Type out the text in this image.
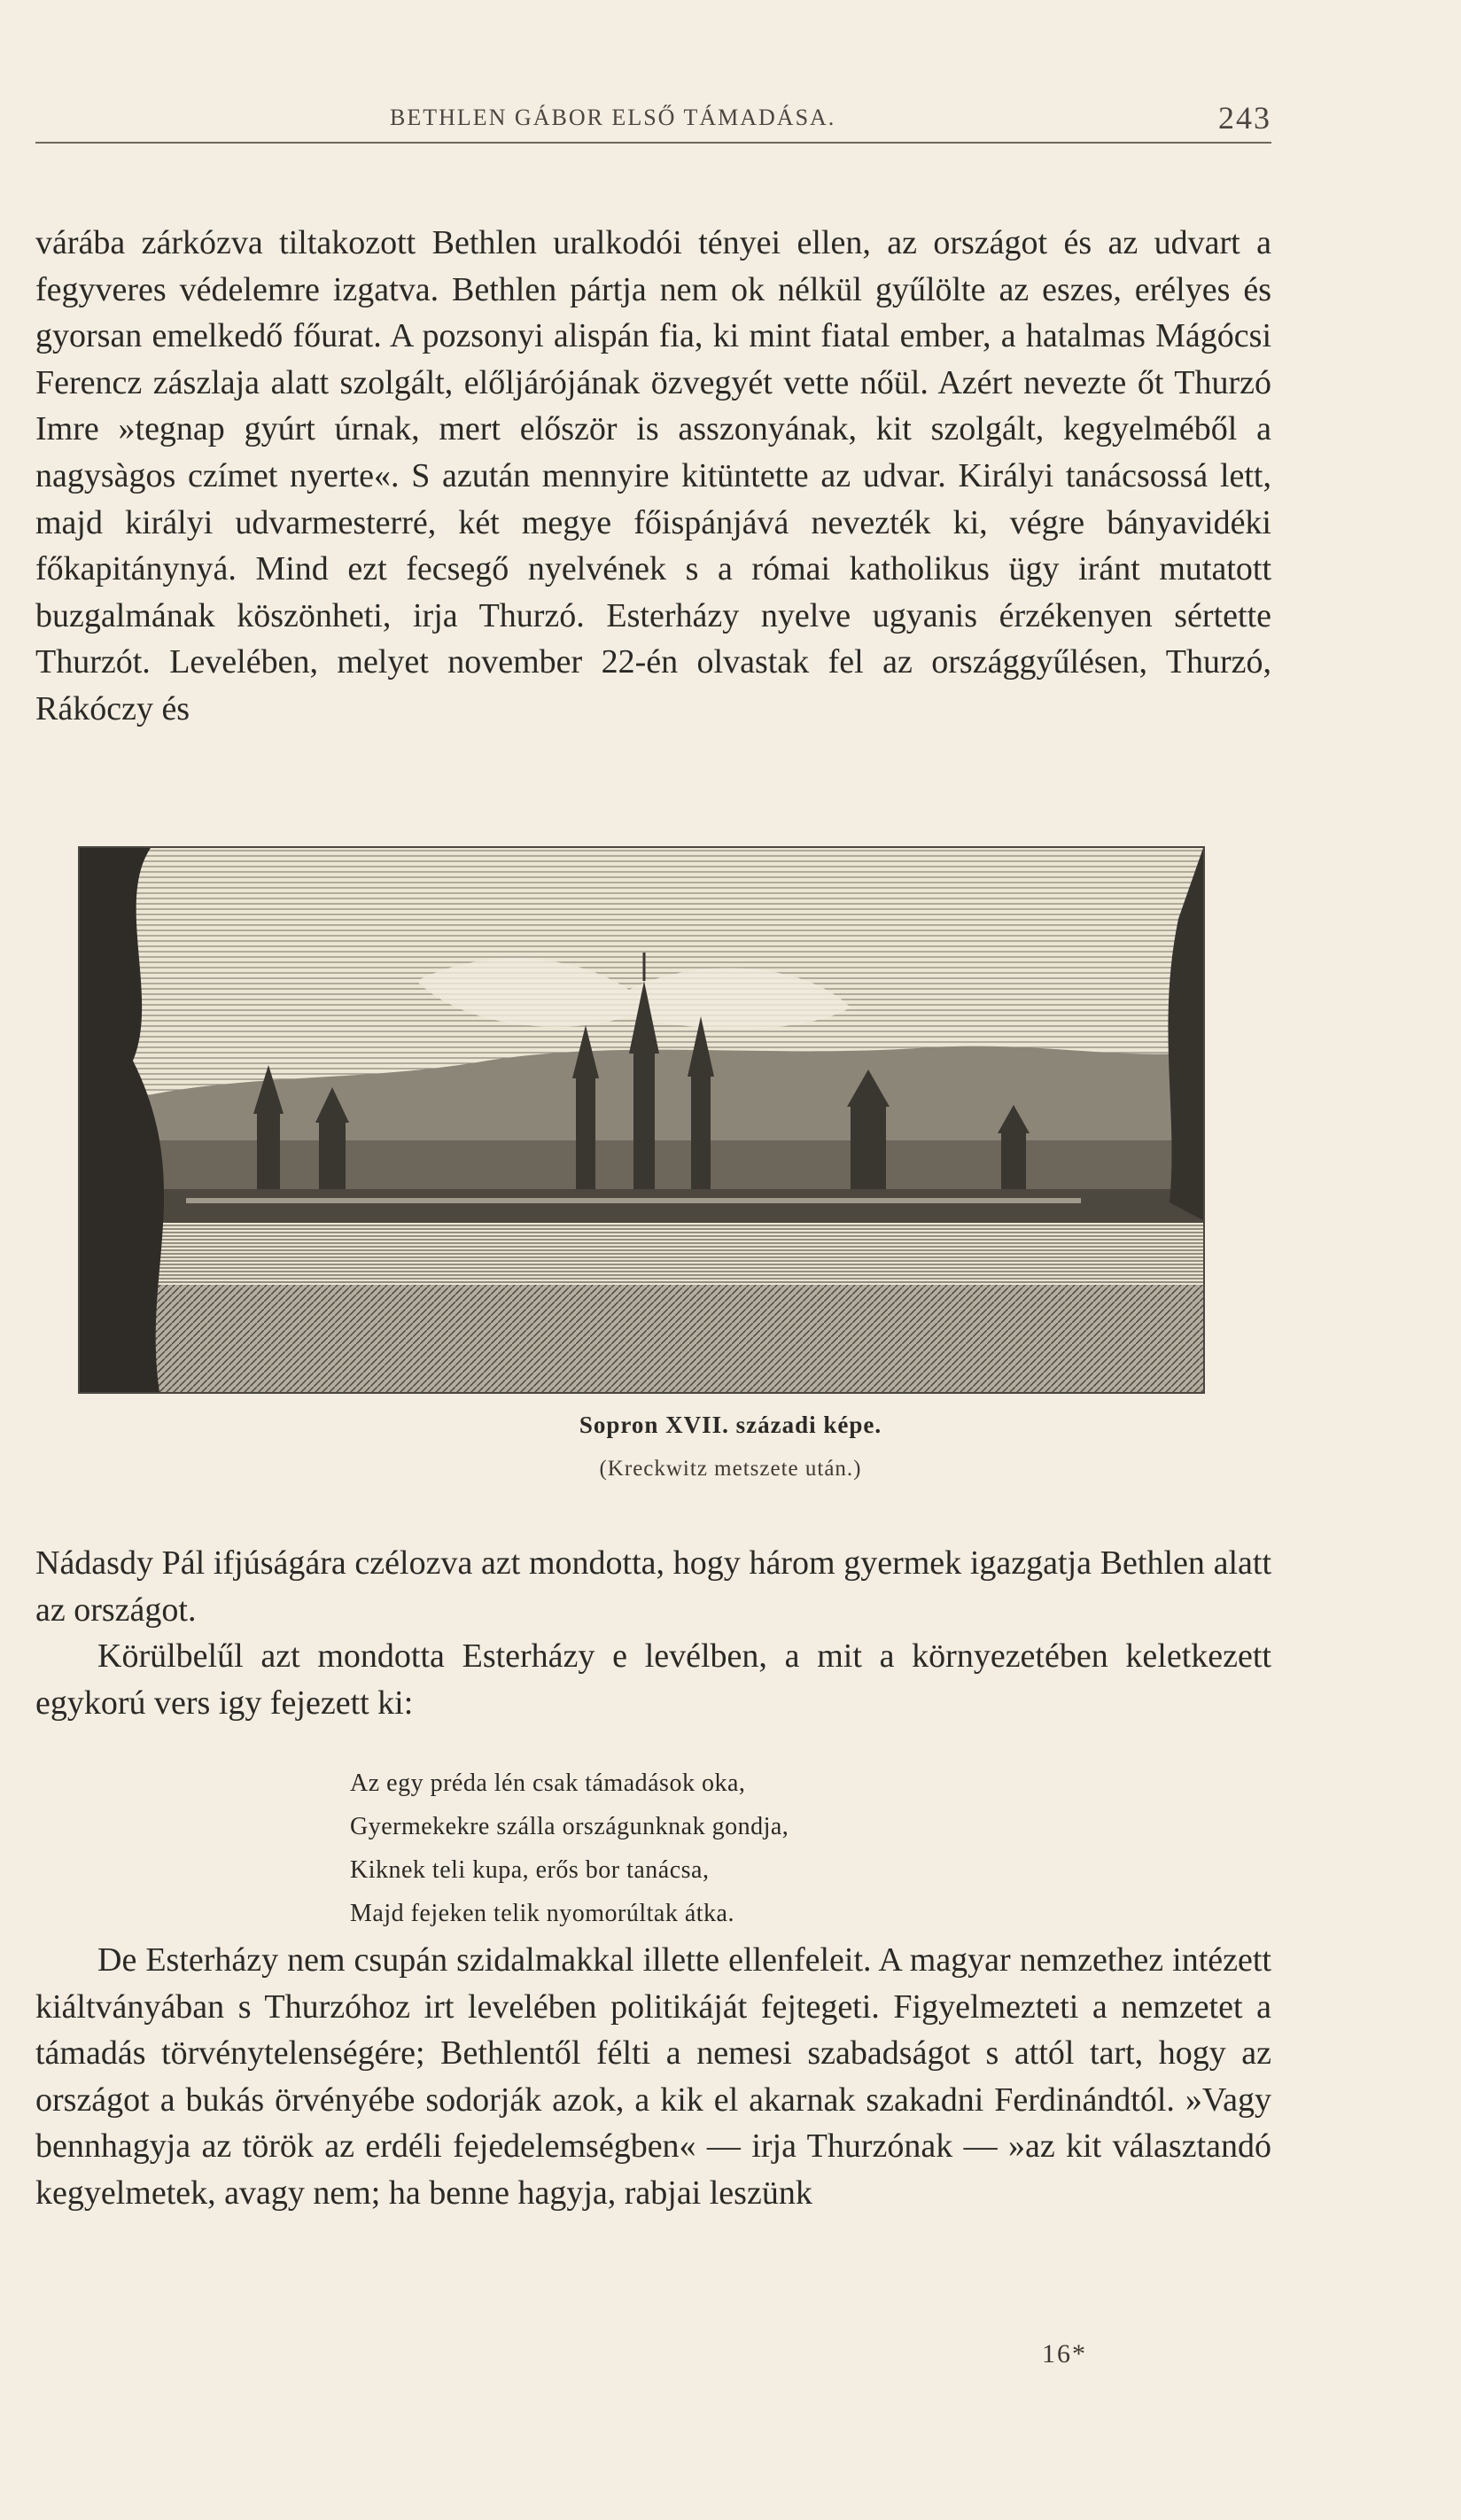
BETHLEN GÁBOR ELSŐ TÁMADÁSA.	243

várába zárkózva tiltakozott Bethlen uralkodói tényei ellen, az országot és az udvart a fegyveres védelemre izgatva. Bethlen pártja nem ok nélkül gyűlölte az eszes, erélyes és gyorsan emelkedő főurat. A pozsonyi alispán fia, ki mint fiatal ember, a hatalmas Mágócsi Ferencz zászlaja alatt szolgált, előljárójának özvegyét vette nőül. Azért nevezte őt Thurzó Imre »tegnap gyúrt úrnak, mert először is asszonyának, kit szolgált, kegyelméből a nagysàgos czímet nyerte«. S azután mennyire kitüntette az udvar. Királyi tanácsossá lett, majd királyi udvarmesterré, két megye főispánjává nevezték ki, végre bányavidéki főkapitánynyá. Mind ezt fecsegő nyelvének s a római katholikus ügy iránt mutatott buzgalmának köszönheti, irja Thurzó. Esterházy nyelve ugyanis érzékenyen sértette Thurzót. Levelében, melyet november 22-én olvastak fel az országgyűlésen, Thurzó, Rákóczy és

Sopron XVII. századi képe.
(Kreckwitz metszete után.)

Nádasdy Pál ifjúságára czélozva azt mondotta, hogy három gyermek igazgatja Bethlen alatt az országot.

Körülbelűl azt mondotta Esterházy e levélben, a mit a környezetében keletkezett egykorú vers igy fejezett ki:

Az egy préda lén csak támadások oka,
Gyermekekre szálla országunknak gondja,
Kiknek teli kupa, erős bor tanácsa,
Majd fejeken telik nyomorúltak átka.

De Esterházy nem csupán szidalmakkal illette ellenfeleit. A magyar nemzethez intézett kiáltványában s Thurzóhoz irt levelében politikáját fejtegeti. Figyelmezteti a nemzetet a támadás törvénytelenségére; Bethlentől félti a nemesi szabadságot s attól tart, hogy az országot a bukás örvényébe sodorják azok, a kik el akarnak szakadni Ferdinándtól. »Vagy bennhagyja az török az erdéli fejedelemségben« — irja Thurzónak — »az kit választandó kegyelmetek, avagy nem; ha benne hagyja, rabjai leszünk

16*
